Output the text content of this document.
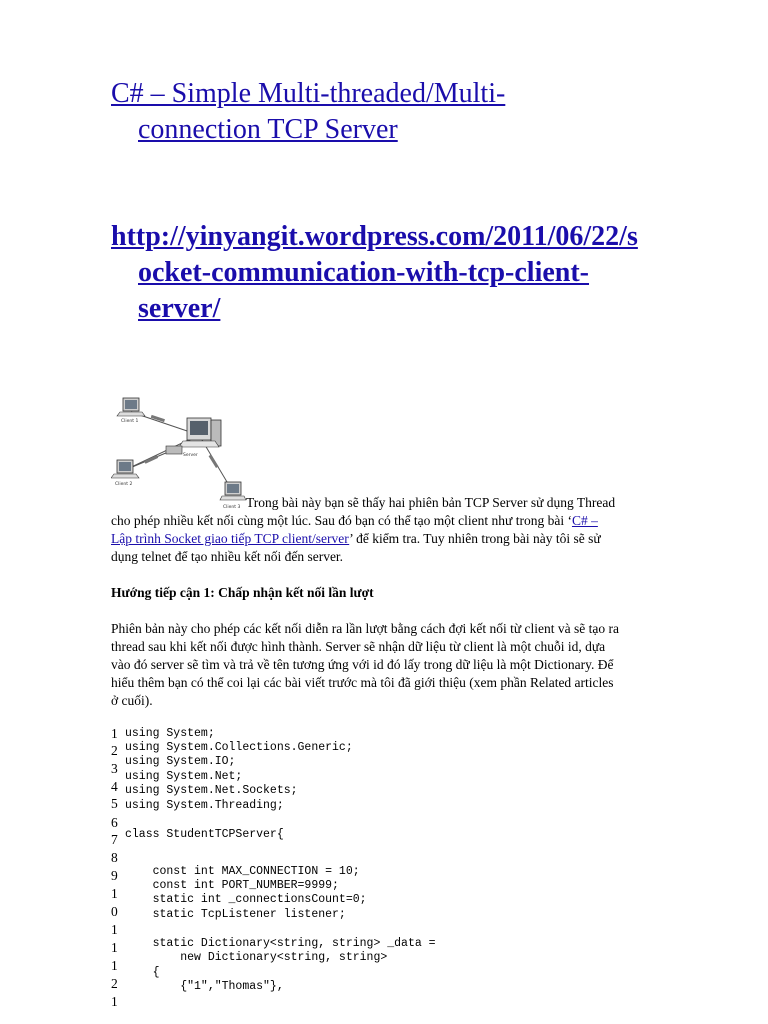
C# – Simple Multi-threaded/Multi-
connection TCP Server
http://yinyangit.wordpress.com/2011/06/22/s
ocket-communication-with-tcp-client-
server/
Client 1
Server
Client 2
Client 3 Trong bài này bạn sẽ thấy hai phiên bản TCP Server sử dụng Thread
cho phép nhiều kết nối cùng một lúc. Sau đó bạn có thể tạo một client như trong bài ‘C# –
Lập trình Socket giao tiếp TCP client/server’ để kiểm tra. Tuy nhiên trong bài này tôi sẽ sử
dụng telnet để tạo nhiều kết nối đến server.
Hướng tiếp cận 1: Chấp nhận kết nối lần lượt
Phiên bản này cho phép các kết nối diễn ra lần lượt bằng cách đợi kết nối từ client và sẽ tạo ra
thread sau khi kết nối được hình thành. Server sẽ nhận dữ liệu từ client là một chuỗi id, dựa
vào đó server sẽ tìm và trả về tên tương ứng với id đó lấy trong dữ liệu là một Dictionary. Để
hiểu thêm bạn có thể coi lại các bài viết trước mà tôi đã giới thiệu (xem phần Related articles
ở cuối).
1
2
3
4
5
6
7
8
9
1
0
1
1
1
2
1

using System;

using System.Collections.Generic;

using System.IO;

using System.Net;

using System.Net.Sockets;

using System.Threading;

class StudentTCPServer{

const int MAX_CONNECTION = 10;

const int PORT_NUMBER=9999;

static int _connectionsCount=0;

static TcpListener listener;

static Dictionary<string, string> _data =

new Dictionary<string, string>

{

{"1","Thomas"},
